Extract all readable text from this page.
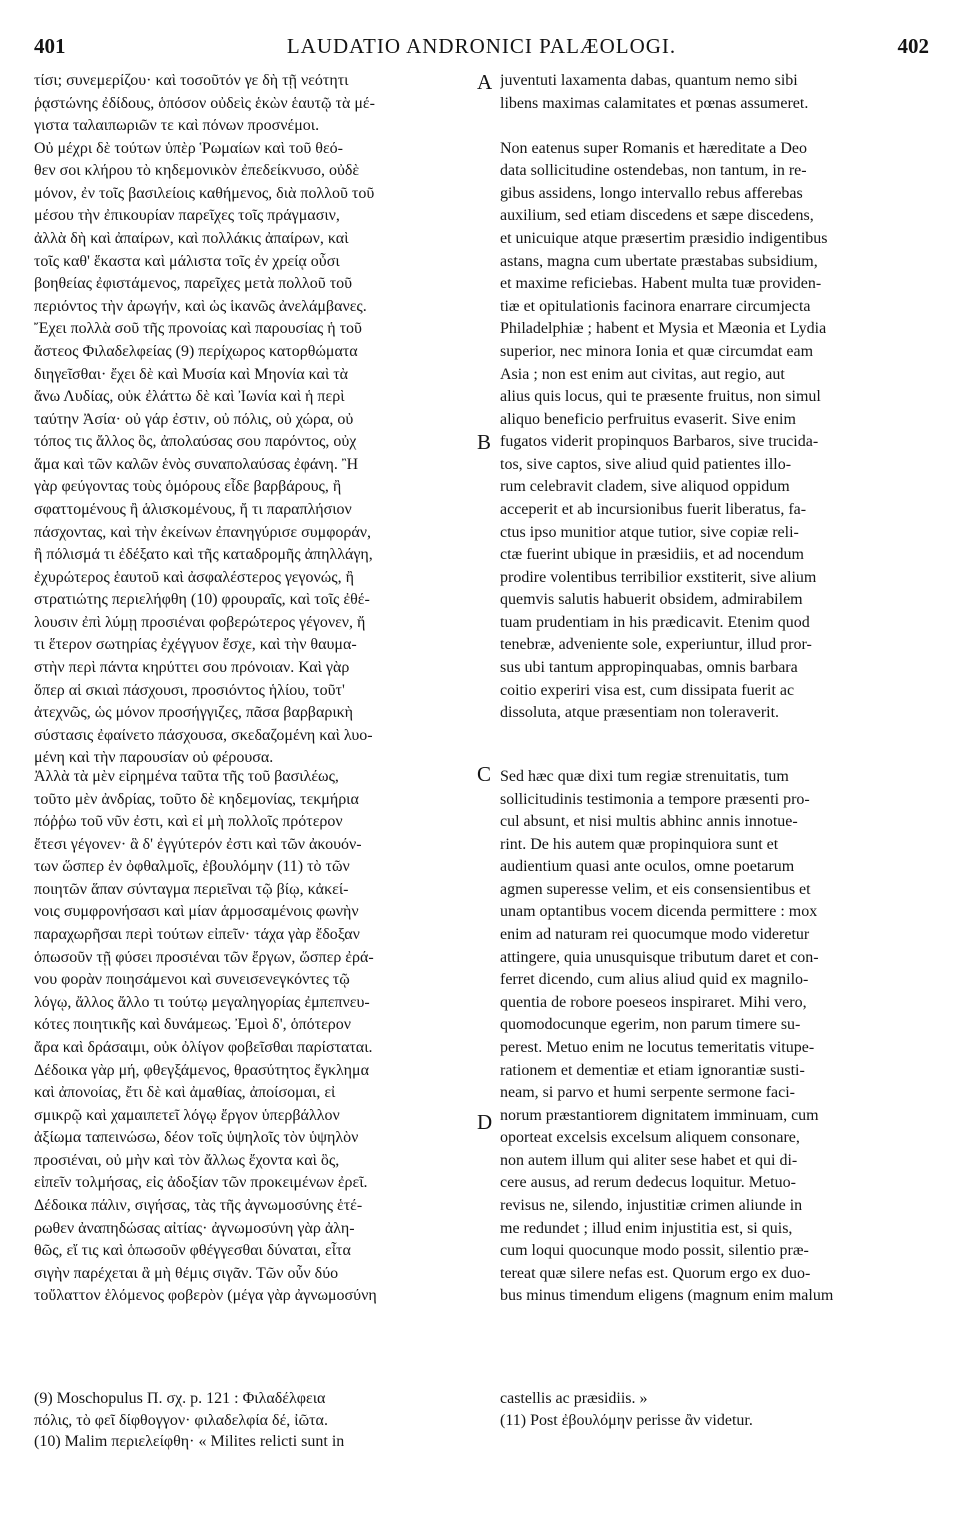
401	LAUDATIO ANDRONICI PALÆOLOGI.	402
τίσι; συνεμερίζου· καὶ τοσοῦτόν γε δὴ τῇ νεότητι
ῥᾳστώνης ἐδίδους, ὁπόσον οὐδεὶς ἑκὼν ἑαυτῷ τὰ μέ-
γιστα ταλαιπωριῶν τε καὶ πόνων προσνέμοι.
Οὐ μέχρι δὲ τούτων ὑπὲρ Ῥωμαίων καὶ τοῦ θεό-
θεν σοι κλήρου τὸ κηδεμονικὸν ἐπεδείκνυσο, οὐδὲ
μόνον, ἐν τοῖς βασιλείοις καθήμενος, διὰ πολλοῦ τοῦ
μέσου τὴν ἐπικουρίαν παρεῖχες τοῖς πράγμασιν,
ἀλλὰ δὴ καὶ ἀπαίρων, καὶ πολλάκις ἀπαίρων, καὶ
τοῖς καθ' ἕκαστα καὶ μάλιστα τοῖς ἐν χρείᾳ οὖσι
βοηθείας ἐφιστάμενος, παρεῖχες μετὰ πολλοῦ τοῦ
περιόντος τὴν ἀρωγήν, καὶ ὡς ἱκανῶς ἀνελάμβανες.
Ἔχει πολλὰ σοῦ τῆς προνοίας καὶ παρουσίας ἡ τοῦ
ἄστεος Φιλαδελφείας (9) περίχωρος κατορθώματα
διηγεῖσθαι· ἔχει δὲ καὶ Μυσία καὶ Μηονία καὶ τὰ
ἄνω Λυδίας, οὐκ ἐλάττω δὲ καὶ Ἰωνία καὶ ἡ περὶ
ταύτην Ἀσία· οὐ γάρ ἐστιν, οὐ πόλις, οὐ χώρα, οὐ
τόπος τις ἄλλος ὃς, ἀπολαύσας σου παρόντος, οὐχ
ἅμα καὶ τῶν καλῶν ἑνὸς συναπολαύσας ἐφάνη. Ἢ
γὰρ φεύγοντας τοὺς ὁμόρους εἶδε βαρβάρους, ἢ
σφαττομένους ἢ ἁλισκομένους, ἤ τι παραπλήσιον
πάσχοντας, καὶ τὴν ἐκείνων ἐπανηγύρισε συμφοράν,
ἢ πόλισμά τι ἐδέξατο καὶ τῆς καταδρομῆς ἀπηλλάγη,
ἐχυρώτερος ἑαυτοῦ καὶ ἀσφαλέστερος γεγονώς, ἢ
στρατιώτης περιελήφθη (10) φρουραῖς, καὶ τοῖς ἐθέ-
λουσιν ἐπὶ λύμῃ προσιέναι φοβερώτερος γέγονεν, ἤ
τι ἕτερον σωτηρίας ἐχέγγυον ἔσχε, καὶ τὴν θαυμα-
στὴν περὶ πάντα κηρύττει σου πρόνοιαν. Καὶ γὰρ
ὅπερ αἱ σκιαὶ πάσχουσι, προσιόντος ἡλίου, τοῦτ'
ἀτεχνῶς, ὡς μόνον προσήγγιζες, πᾶσα βαρβαρικὴ
σύστασις ἐφαίνετο πάσχουσα, σκεδαζομένη καὶ λυο-
μένη καὶ τὴν παρουσίαν οὐ φέρουσα.
juventuti laxamenta dabas, quantum nemo sibi
libens maximas calamitates et pœnas assumeret.
Non eatenus super Romanis et hæreditate a Deo
data sollicitudine ostendebas, non tantum, in re-
gibus assidens, longo intervallo rebus afferebas
auxilium, sed etiam discedens et sæpe discedens,
et unicuique atque præsertim præsidio indigentibus
astans, magna cum ubertate præstabas subsidium,
et maxime reficiebas. Habent multa tuæ providen-
tiæ et opitulationis facinora enarrare circumjecta
Philadelphiæ ; habent et Mysia et Mæonia et Lydia
superior, nec minora Ionia et quæ circumdat eam
Asia ; non est enim aut civitas, aut regio, aut
alius quis locus, qui te præsente fruitus, non simul
aliquo beneficio perfruitus evaserit. Sive enim
fugatos viderit propinquos Barbaros, sive trucida-
tos, sive captos, sive aliud quid patientes illo-
rum celebravit cladem, sive aliquod oppidum
acceperit et ab incursionibus fuerit liberatus, fa-
ctus ipso munitior atque tutior, sive copiæ reli-
ctæ fuerint ubique in præsidiis, et ad nocendum
prodire volentibus terribilior exstiterit, sive alium
quemvis salutis habuerit obsidem, admirabilem
tuam prudentiam in his prædicavit. Etenim quod
tenebræ, adveniente sole, experiuntur, illud pror-
sus ubi tantum appropinquabas, omnis barbara
coitio experiri visa est, cum dissipata fuerit ac
dissoluta, atque præsentiam non toleraverit.
Ἀλλὰ τὰ μὲν εἰρημένα ταῦτα τῆς τοῦ βασιλέως,
τοῦτο μὲν ἀνδρίας, τοῦτο δὲ κηδεμονίας, τεκμήρια
πόῤῥω τοῦ νῦν ἐστι, καὶ εἰ μὴ πολλοῖς πρότερον
ἔτεσι γέγονεν· ἃ δ' ἐγγύτερόν ἐστι καὶ τῶν ἀκουόν-
των ὥσπερ ἐν ὀφθαλμοῖς, ἐβουλόμην (11) τὸ τῶν
ποιητῶν ἅπαν σύνταγμα περιεῖναι τῷ βίῳ, κἀκεί-
νοις συμφρονήσασι καὶ μίαν ἁρμοσαμένοις φωνὴν
παραχωρῆσαι περὶ τούτων εἰπεῖν· τάχα γὰρ ἔδοξαν
ὁπωσοῦν τῇ φύσει προσιέναι τῶν ἔργων, ὥσπερ ἐρά-
νου φορὰν ποιησάμενοι καὶ συνεισενεγκόντες τῷ
λόγῳ, ἄλλος ἄλλο τι τούτῳ μεγαληγορίας ἐμπεπνευ-
κότες ποιητικῆς καὶ δυνάμεως. Ἐμοὶ δ', ὁπότερον
ἄρα καὶ δράσαιμι, οὐκ ὀλίγον φοβεῖσθαι παρίσταται.
Δέδοικα γὰρ μή, φθεγξάμενος, θρασύτητος ἔγκλημα
καὶ ἀπονοίας, ἔτι δὲ καὶ ἀμαθίας, ἀποίσομαι, εἰ
σμικρῷ καὶ χαμαιπετεῖ λόγῳ ἔργον ὑπερβάλλον
ἀξίωμα ταπεινώσω, δέον τοῖς ὑψηλοῖς τὸν ὑψηλὸν
προσιέναι, οὐ μὴν καὶ τὸν ἄλλως ἔχοντα καὶ ὃς,
εἰπεῖν τολμήσας, εἰς ἀδοξίαν τῶν προκειμένων ἐρεῖ.
Δέδοικα πάλιν, σιγήσας, τὰς τῆς ἀγνωμοσύνης ἑτέ-
ρωθεν ἀναπηδώσας αἰτίας· ἀγνωμοσύνη γὰρ ἀλη-
θῶς, εἴ τις καὶ ὁπωσοῦν φθέγγεσθαι δύναται, εἶτα
σιγὴν παρέχεται ἃ μὴ θέμις σιγᾶν. Τῶν οὖν δύο
τοὔλαττον ἑλόμενος φοβερὸν (μέγα γὰρ ἀγνωμοσύνη
Sed hæc quæ dixi tum regiæ strenuitatis, tum
sollicitudinis testimonia a tempore præsenti pro-
cul absunt, et nisi multis abhinc annis innotue-
rint. De his autem quæ propinquiora sunt et
audientium quasi ante oculos, omne poetarum
agmen superesse velim, et eis consensientibus et
unam optantibus vocem dicenda permittere : mox
enim ad naturam rei quocumque modo videretur
attingere, quia unusquisque tributum daret et con-
ferret dicendo, cum alius aliud quid ex magnilo-
quentia de robore poeseos inspiraret. Mihi vero,
quomodocunque egerim, non parum timere su-
perest. Metuo enim ne locutus temeritatis vitupe-
rationem et dementiæ et etiam ignorantiæ susti-
neam, si parvo et humi serpente sermone faci-
norum præstantiorem dignitatem imminuam, cum
oporteat excelsis excelsum aliquem consonare,
non autem illum qui aliter sese habet et qui di-
cere ausus, ad rerum dedecus loquitur. Metuo-
revisus ne, silendo, injustitiæ crimen aliunde in
me redundet ; illud enim injustitia est, si quis,
cum loqui quocunque modo possit, silentio præ-
tereat quæ silere nefas est. Quorum ergo ex duo-
bus minus timendum eligens (magnum enim malum
A
B
C
D
(9) Moschopulus Π. σχ. p. 121 : Φιλαδέλφεια
πόλις, τὸ φεῖ δίφθογγον· φιλαδελφία δέ, ἰῶτα.
(10) Malim περιελείφθη· « Milites relicti sunt in
castellis ac præsidiis. »
(11) Post ἐβουλόμην perisse ἂν videtur.
